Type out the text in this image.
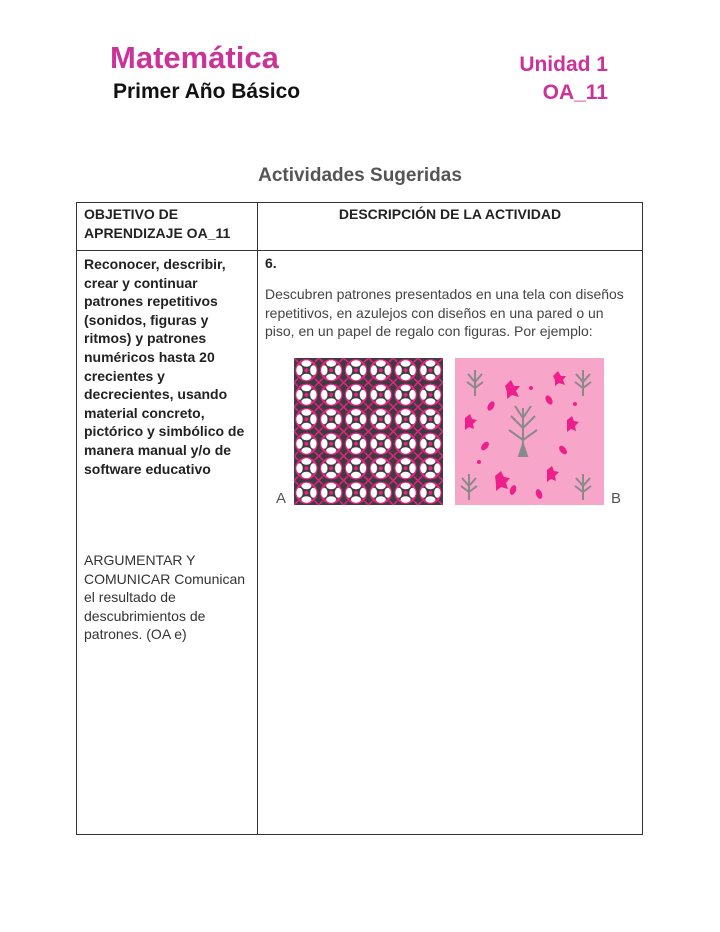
Matemática
Primer Año Básico
Unidad 1
OA_11
Actividades Sugeridas
OBJETIVO DE APRENDIZAJE OA_11
DESCRIPCIÓN DE LA ACTIVIDAD
Reconocer, describir, crear y continuar patrones repetitivos (sonidos, figuras y ritmos) y patrones numéricos hasta 20 crecientes y decrecientes, usando material concreto, pictórico y simbólico de manera manual y/o de software educativo
ARGUMENTAR Y COMUNICAR Comunican el resultado de descubrimientos de patrones. (OA e)
6.
Descubren patrones presentados en una tela con diseños repetitivos, en azulejos con diseños en una pared o un piso, en un papel de regalo con figuras. Por ejemplo:
A	B
